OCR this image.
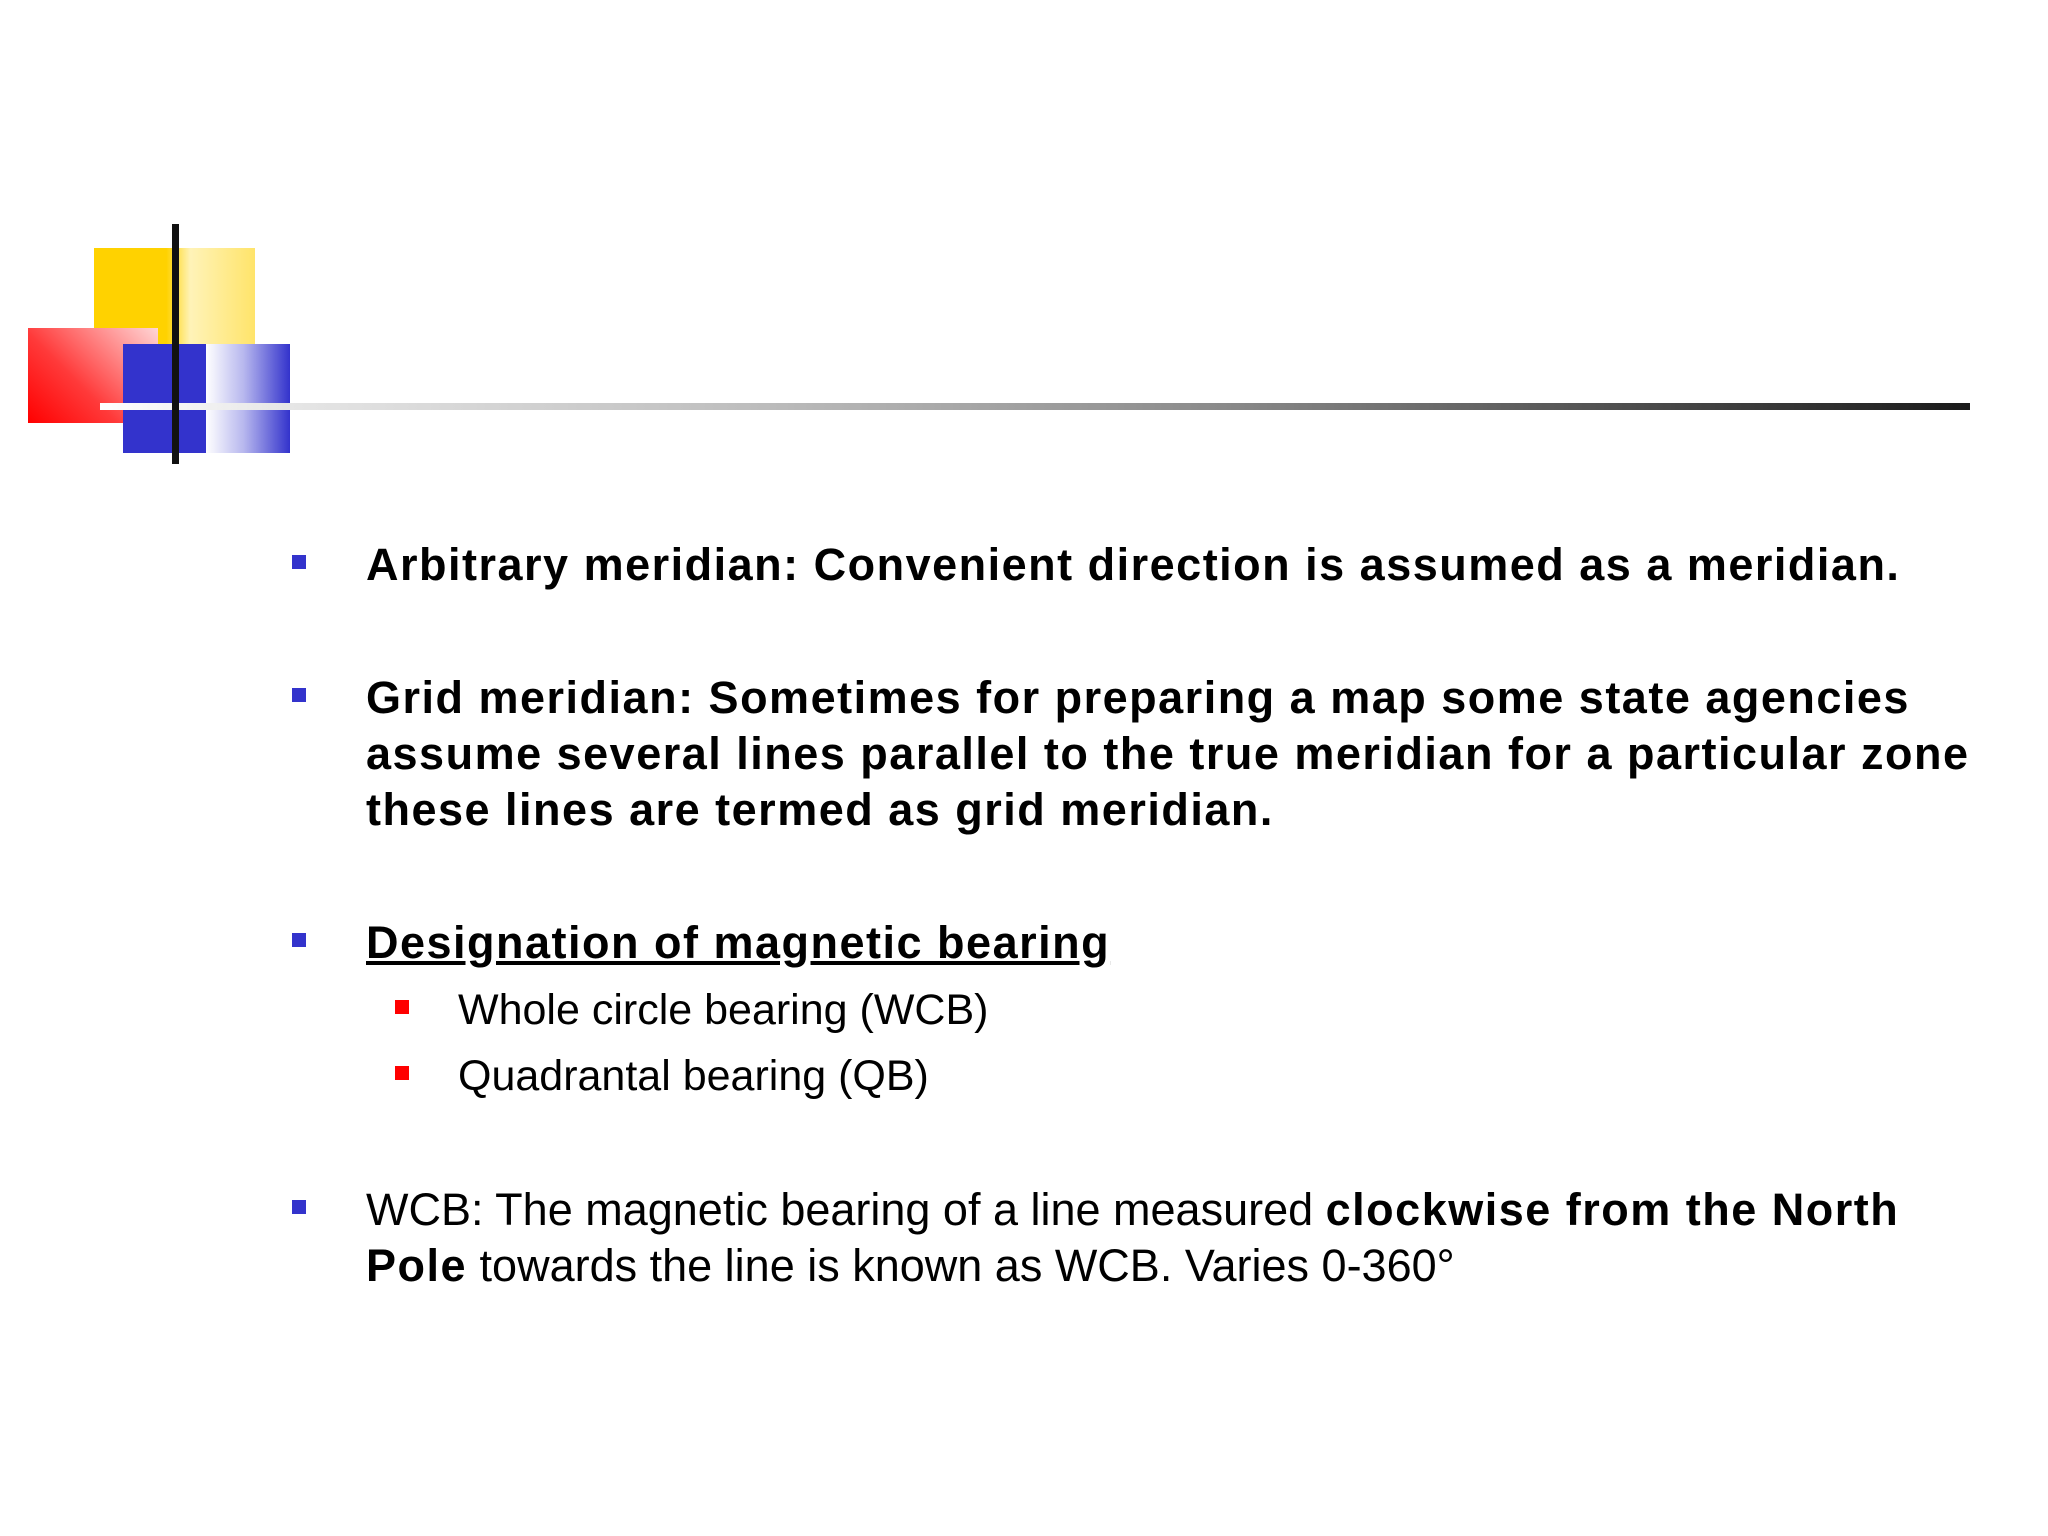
Arbitrary meridian: Convenient direction is assumed as a meridian.
Grid meridian: Sometimes for preparing a map some state agencies assume several lines parallel to the true meridian for a particular zone these lines are termed as grid meridian.
Designation of magnetic bearing
Whole circle bearing (WCB)
Quadrantal bearing (QB)
WCB: The magnetic bearing of a line measured clockwise from the North
Pole towards the line is known as WCB. Varies 0-360°
